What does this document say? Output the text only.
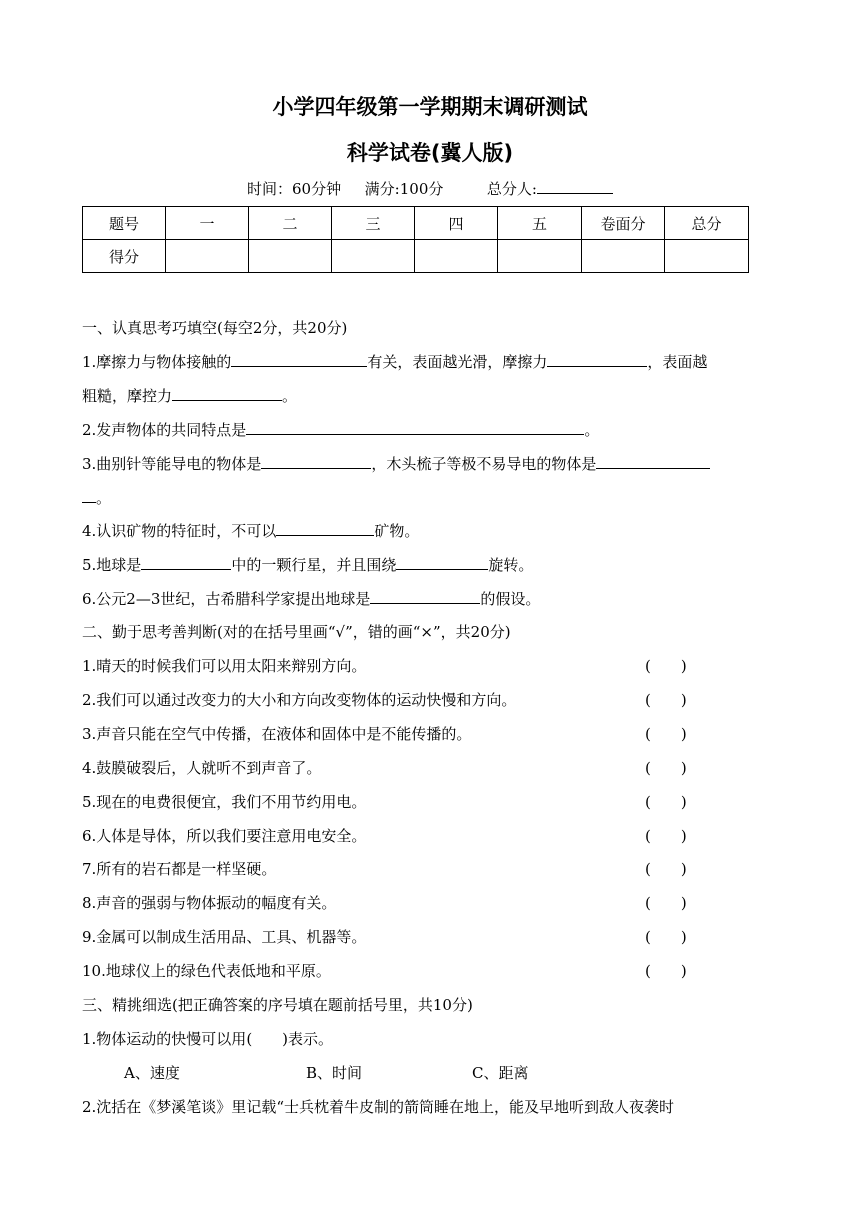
小学四年级第一学期期末调研测试
科学试卷(冀人版)
时间：60分钟 满分:100分	总分人:
题号	一	二	三	四	五	卷面分	总分
得分							
一、认真思考巧填空(每空2分，共20分)
1.摩擦力与物体接触的	有关，表面越光滑，摩擦力	，表面越
粗糙，摩控力	。
2.发声物体的共同特点是	。
3.曲别针等能导电的物体是	，木头梳子等极不易导电的物体是
。
4.认识矿物的特征时，不可以	矿物。
5.地球是	中的一颗行星，并且围绕	旋转。
6.公元2—3世纪，古希腊科学家提出地球是	的假设。
二、勤于思考善判断(对的在括号里画“√”，错的画“×”，共20分)
1.晴天的时候我们可以用太阳来辩别方向。	(　　)
2.我们可以通过改变力的大小和方向改变物体的运动快慢和方向。	(　　)
3.声音只能在空气中传播，在液体和固体中是不能传播的。	(　　)
4.鼓膜破裂后，人就听不到声音了。	(　　)
5.现在的电费很便宜，我们不用节约用电。	(　　)
6.人体是导体，所以我们要注意用电安全。	(　　)
7.所有的岩石都是一样坚硬。	(　　)
8.声音的强弱与物体振动的幅度有关。	(　　)
9.金属可以制成生活用品、工具、机器等。	(　　)
10.地球仪上的绿色代表低地和平原。	(　　)
三、精挑细选(把正确答案的序号填在题前括号里，共10分)
1.物体运动的快慢可以用(　　)表示。
A、速度	B、时间	C、距离
2.沈括在《梦溪笔谈》里记载“士兵枕着牛皮制的箭筒睡在地上，能及早地听到敌人夜袭时
